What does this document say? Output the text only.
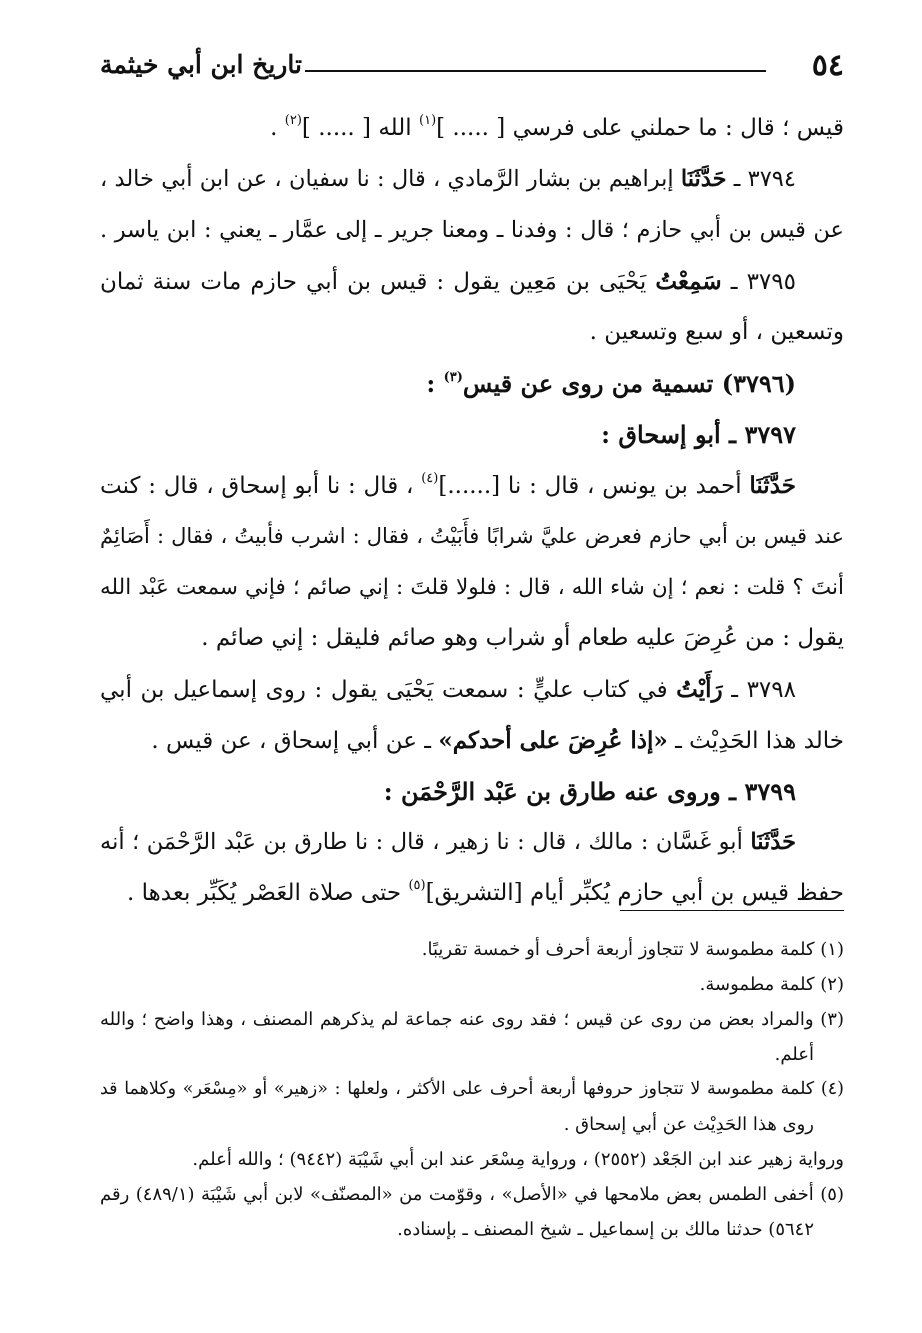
٥٤
تاريخ ابن أبي خيثمة
قيس ؛ قال : ما حملني على فرسي [ ..... ]$^{(١)}$ الله [ ..... ]$^{(٢)}$ .
٣٧٩٤ ـ حَدَّثَنَا إبراهيم بن بشار الرَّمادي ، قال : نا سفيان ، عن ابن أبي خالد ،
عن قيس بن أبي حازم ؛ قال : وفدنا ـ ومعنا جرير ـ إلى عمَّار ـ يعني : ابن ياسر .
٣٧٩٥ ـ سَمِعْتُ يَحْيَى بن مَعِين يقول : قيس بن أبي حازم مات سنة ثمان
وتسعين ، أو سبع وتسعين .
(٣٧٩٦) تسمية من روى عن قيس$^{(٣)}$ :
٣٧٩٧ ـ أبو إسحاق :
حَدَّثَنَا أحمد بن يونس ، قال : نا [......]$^{(٤)}$ ، قال : نا أبو إسحاق ، قال : كنت
عند قيس بن أبي حازم فعرض عليَّ شرابًا فأَبَيْتُ ، فقال : اشرب فأبيتُ ، فقال : أَصَائِمٌ
أنتَ ؟ قلت : نعم ؛ إن شاء الله ، قال : فلولا قلتَ : إني صائم ؛ فإني سمعت عَبْد الله
يقول : من عُرِضَ عليه طعام أو شراب وهو صائم فليقل : إني صائم .
٣٧٩٨ ـ رَأَيْتُ في كتاب عليٍّ : سمعت يَحْيَى يقول : روى إسماعيل بن أبي
خالد هذا الحَدِيْث ـ «إذا عُرِضَ على أحدكم» ـ عن أبي إسحاق ، عن قيس .
٣٧٩٩ ـ وروى عنه طارق بن عَبْد الرَّحْمَن :
حَدَّثَنَا أبو غَسَّان : مالك ، قال : نا زهير ، قال : نا طارق بن عَبْد الرَّحْمَن ؛ أنه
حفظ قيس بن أبي حازم يُكبِّر أيام [التشريق]$^{(٥)}$ حتى صلاة العَصْر يُكَبِّر بعدها .
(١) كلمة مطموسة لا تتجاوز أربعة أحرف أو خمسة تقريبًا.
(٢) كلمة مطموسة.
(٣) والمراد بعض من روى عن قيس ؛ فقد روى عنه جماعة لم يذكرهم المصنف ، وهذا واضح ؛ والله
أعلم.
(٤) كلمة مطموسة لا تتجاوز حروفها أربعة أحرف على الأكثر ، ولعلها : «زهير» أو «مِسْعَر» وكلاهما قد
روى هذا الحَدِيْث عن أبي إسحاق .
ورواية زهير عند ابن الجَعْد (٢٥٥٢) ، ورواية مِسْعَر عند ابن أبي شَيْبَة (٩٤٤٢) ؛ والله أعلم.
(٥) أخفى الطمس بعض ملامحها في «الأصل» ، وقوّمت من «المصنّف» لابن أبي شَيْبَة (٤٨٩/١) رقم
٥٦٤٢) حدثنا مالك بن إسماعيل ـ شيخ المصنف ـ بإسناده.
